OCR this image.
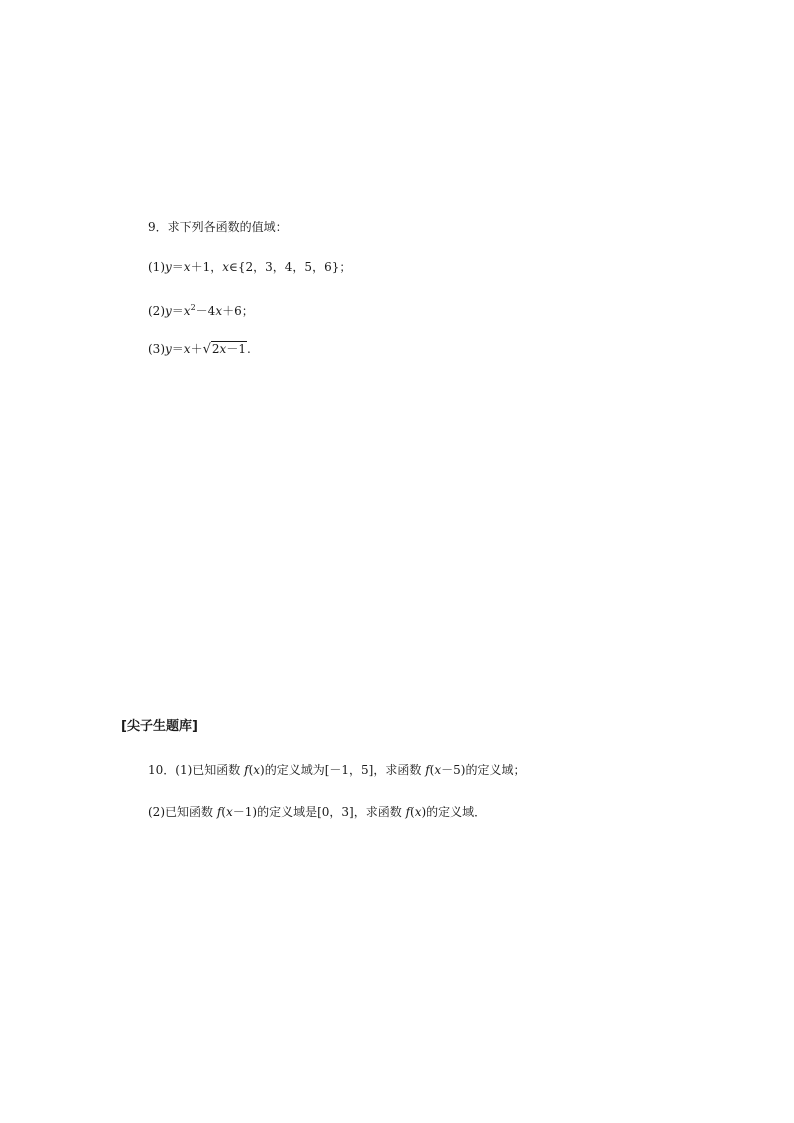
9．求下列各函数的值域：
(1)y＝x＋1，x∈{2，3，4，5，6}；
$(2)y=x^2-4x+6$；
(3)y＝x＋√2x－1.
[尖子生题库]
10．(1)已知函数 f(x)的定义域为[－1，5]，求函数 f(x－5)的定义域；
(2)已知函数 f(x－1)的定义域是[0，3]，求函数 f(x)的定义域．
